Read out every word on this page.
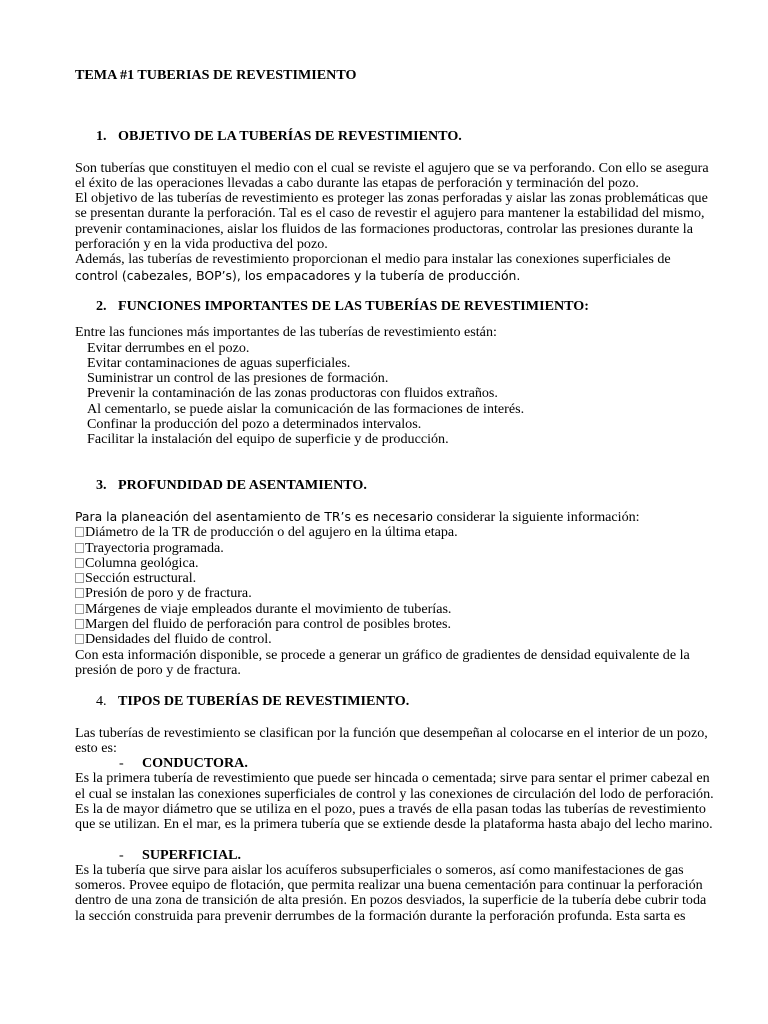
TEMA #1 TUBERIAS DE REVESTIMIENTO

1. OBJETIVO DE LA TUBERÍAS DE REVESTIMIENTO.

Son tuberías que constituyen el medio con el cual se reviste el agujero que se va perforando. Con ello se asegura el éxito de las operaciones llevadas a cabo durante las etapas de perforación y terminación del pozo.

El objetivo de las tuberías de revestimiento es proteger las zonas perforadas y aislar las zonas problemáticas que se presentan durante la perforación. Tal es el caso de revestir el agujero para mantener la estabilidad del mismo, prevenir contaminaciones, aislar los fluidos de las formaciones productoras, controlar las presiones durante la perforación y en la vida productiva del pozo.

Además, las tuberías de revestimiento proporcionan el medio para instalar las conexiones superficiales de
control (cabezales, BOP’s), los empacadores y la tubería de producción.

2. FUNCIONES IMPORTANTES DE LAS TUBERÍAS DE REVESTIMIENTO:

Entre las funciones más importantes de las tuberías de revestimiento están:

Evitar derrumbes en el pozo.

Evitar contaminaciones de aguas superficiales.

Suministrar un control de las presiones de formación.

Prevenir la contaminación de las zonas productoras con fluidos extraños.

Al cementarlo, se puede aislar la comunicación de las formaciones de interés.

Confinar la producción del pozo a determinados intervalos.

Facilitar la instalación del equipo de superficie y de producción.

3. PROFUNDIDAD DE ASENTAMIENTO.

Para la planeación del asentamiento de TR’s es necesario considerar la siguiente información:

Diámetro de la TR de producción o del agujero en la última etapa.

Trayectoria programada.

Columna geológica.

Sección estructural.

Presión de poro y de fractura.

Márgenes de viaje empleados durante el movimiento de tuberías.

Margen del fluido de perforación para control de posibles brotes.

Densidades del fluido de control.

Con esta información disponible, se procede a generar un gráfico de gradientes de densidad equivalente de la presión de poro y de fractura.

4. TIPOS DE TUBERÍAS DE REVESTIMIENTO.

Las tuberías de revestimiento se clasifican por la función que desempeñan al colocarse en el interior de un pozo, esto es:

- CONDUCTORA.

Es la primera tubería de revestimiento que puede ser hincada o cementada; sirve para sentar el primer cabezal en el cual se instalan las conexiones superficiales de control y las conexiones de circulación del lodo de perforación. Es la de mayor diámetro que se utiliza en el pozo, pues a través de ella pasan todas las tuberías de revestimiento que se utilizan. En el mar, es la primera tubería que se extiende desde la plataforma hasta abajo del lecho marino.

- SUPERFICIAL.

Es la tubería que sirve para aislar los acuíferos subsuperficiales o someros, así como manifestaciones de gas someros. Provee equipo de flotación, que permita realizar una buena cementación para continuar la perforación dentro de una zona de transición de alta presión. En pozos desviados, la superficie de la tubería debe cubrir toda la sección construida para prevenir derrumbes de la formación durante la perforación profunda. Esta sarta es
